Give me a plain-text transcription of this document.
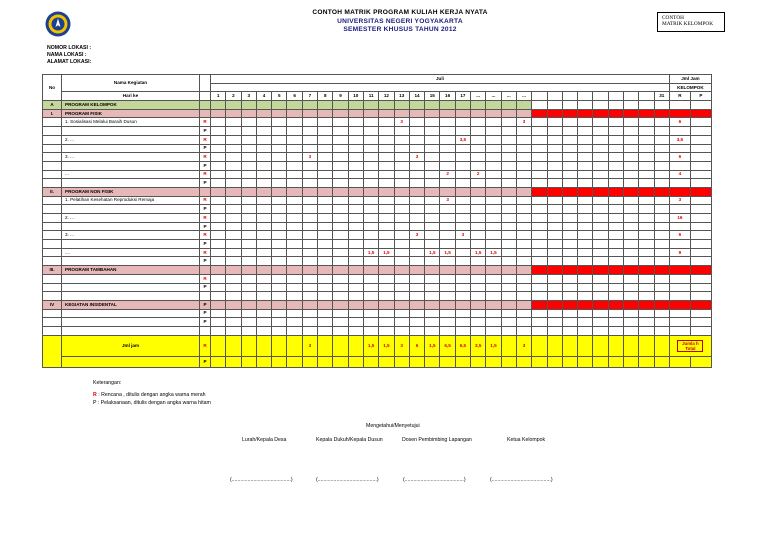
CONTOH MATRIK PROGRAM KULIAH KERJA NYATA
UNIVERSITAS NEGERI YOGYAKARTA
SEMESTER KHUSUS TAHUN 2012
CONTOH
MATRIK KELOMPOK
NOMOR LOKASI :
NAMA LOKASI :
ALAMAT LOKASI:
No	Nama Kegiatan		Juli																														Jml Jam	
																																	KELOMPOK	
	Hari ke		1	2	3	4	5	6	7	8	9	10	11	12	13	14	15	16	17	...	...	...	...									31	R	P
A	PROGRAM KELOMPOK																																	
I.	PROGRAM FISIK																																	
	1. Sosialisasi Melalui Baraih Dusun	R													3								3										6	
		P																																
	2. ...	R																	3,5														3,5	
		P																																
	3. ...	R							3							3																	6	
		P																																
	...	R																2		2													4	
		P																																
II.	PROGRAM NON FISIK																																	
	1. Pelatihan Kesehatan Reproduksi Remaja	R																3															3	
		P																																
	2. ...	R																															16	
		P																																
	3. ...	R														3			3														6	
		P																																
	....	R											1,5	1,5			1,5	1,5		1,5	1,5												9	
		P																																
III.	PROGRAM TAMBAHAN																																	
		R																																
		P																																

IV	KEGIATAN INSIDENTAL	P																																
		P																																
		P																																

	Jml jam	R							3				1,5	1,5	3	6	1,5	6,5	6,5	3,5	1,5		3										Jumla h Total	
		P																																
Keterangan:
R : Rencana , ditulis dengan angka warna merah
P : Pelaksanaan, ditulis dengan angka warna hitam
Mengetahui/Menyetujui
Lurah/Kepala Desa	Kepala Dukuh/Kepala Dusun	Dosen Pembimbing Lapangan	Ketua Kelompok
(.........................................)	(.........................................)	(.........................................)	(.........................................)
